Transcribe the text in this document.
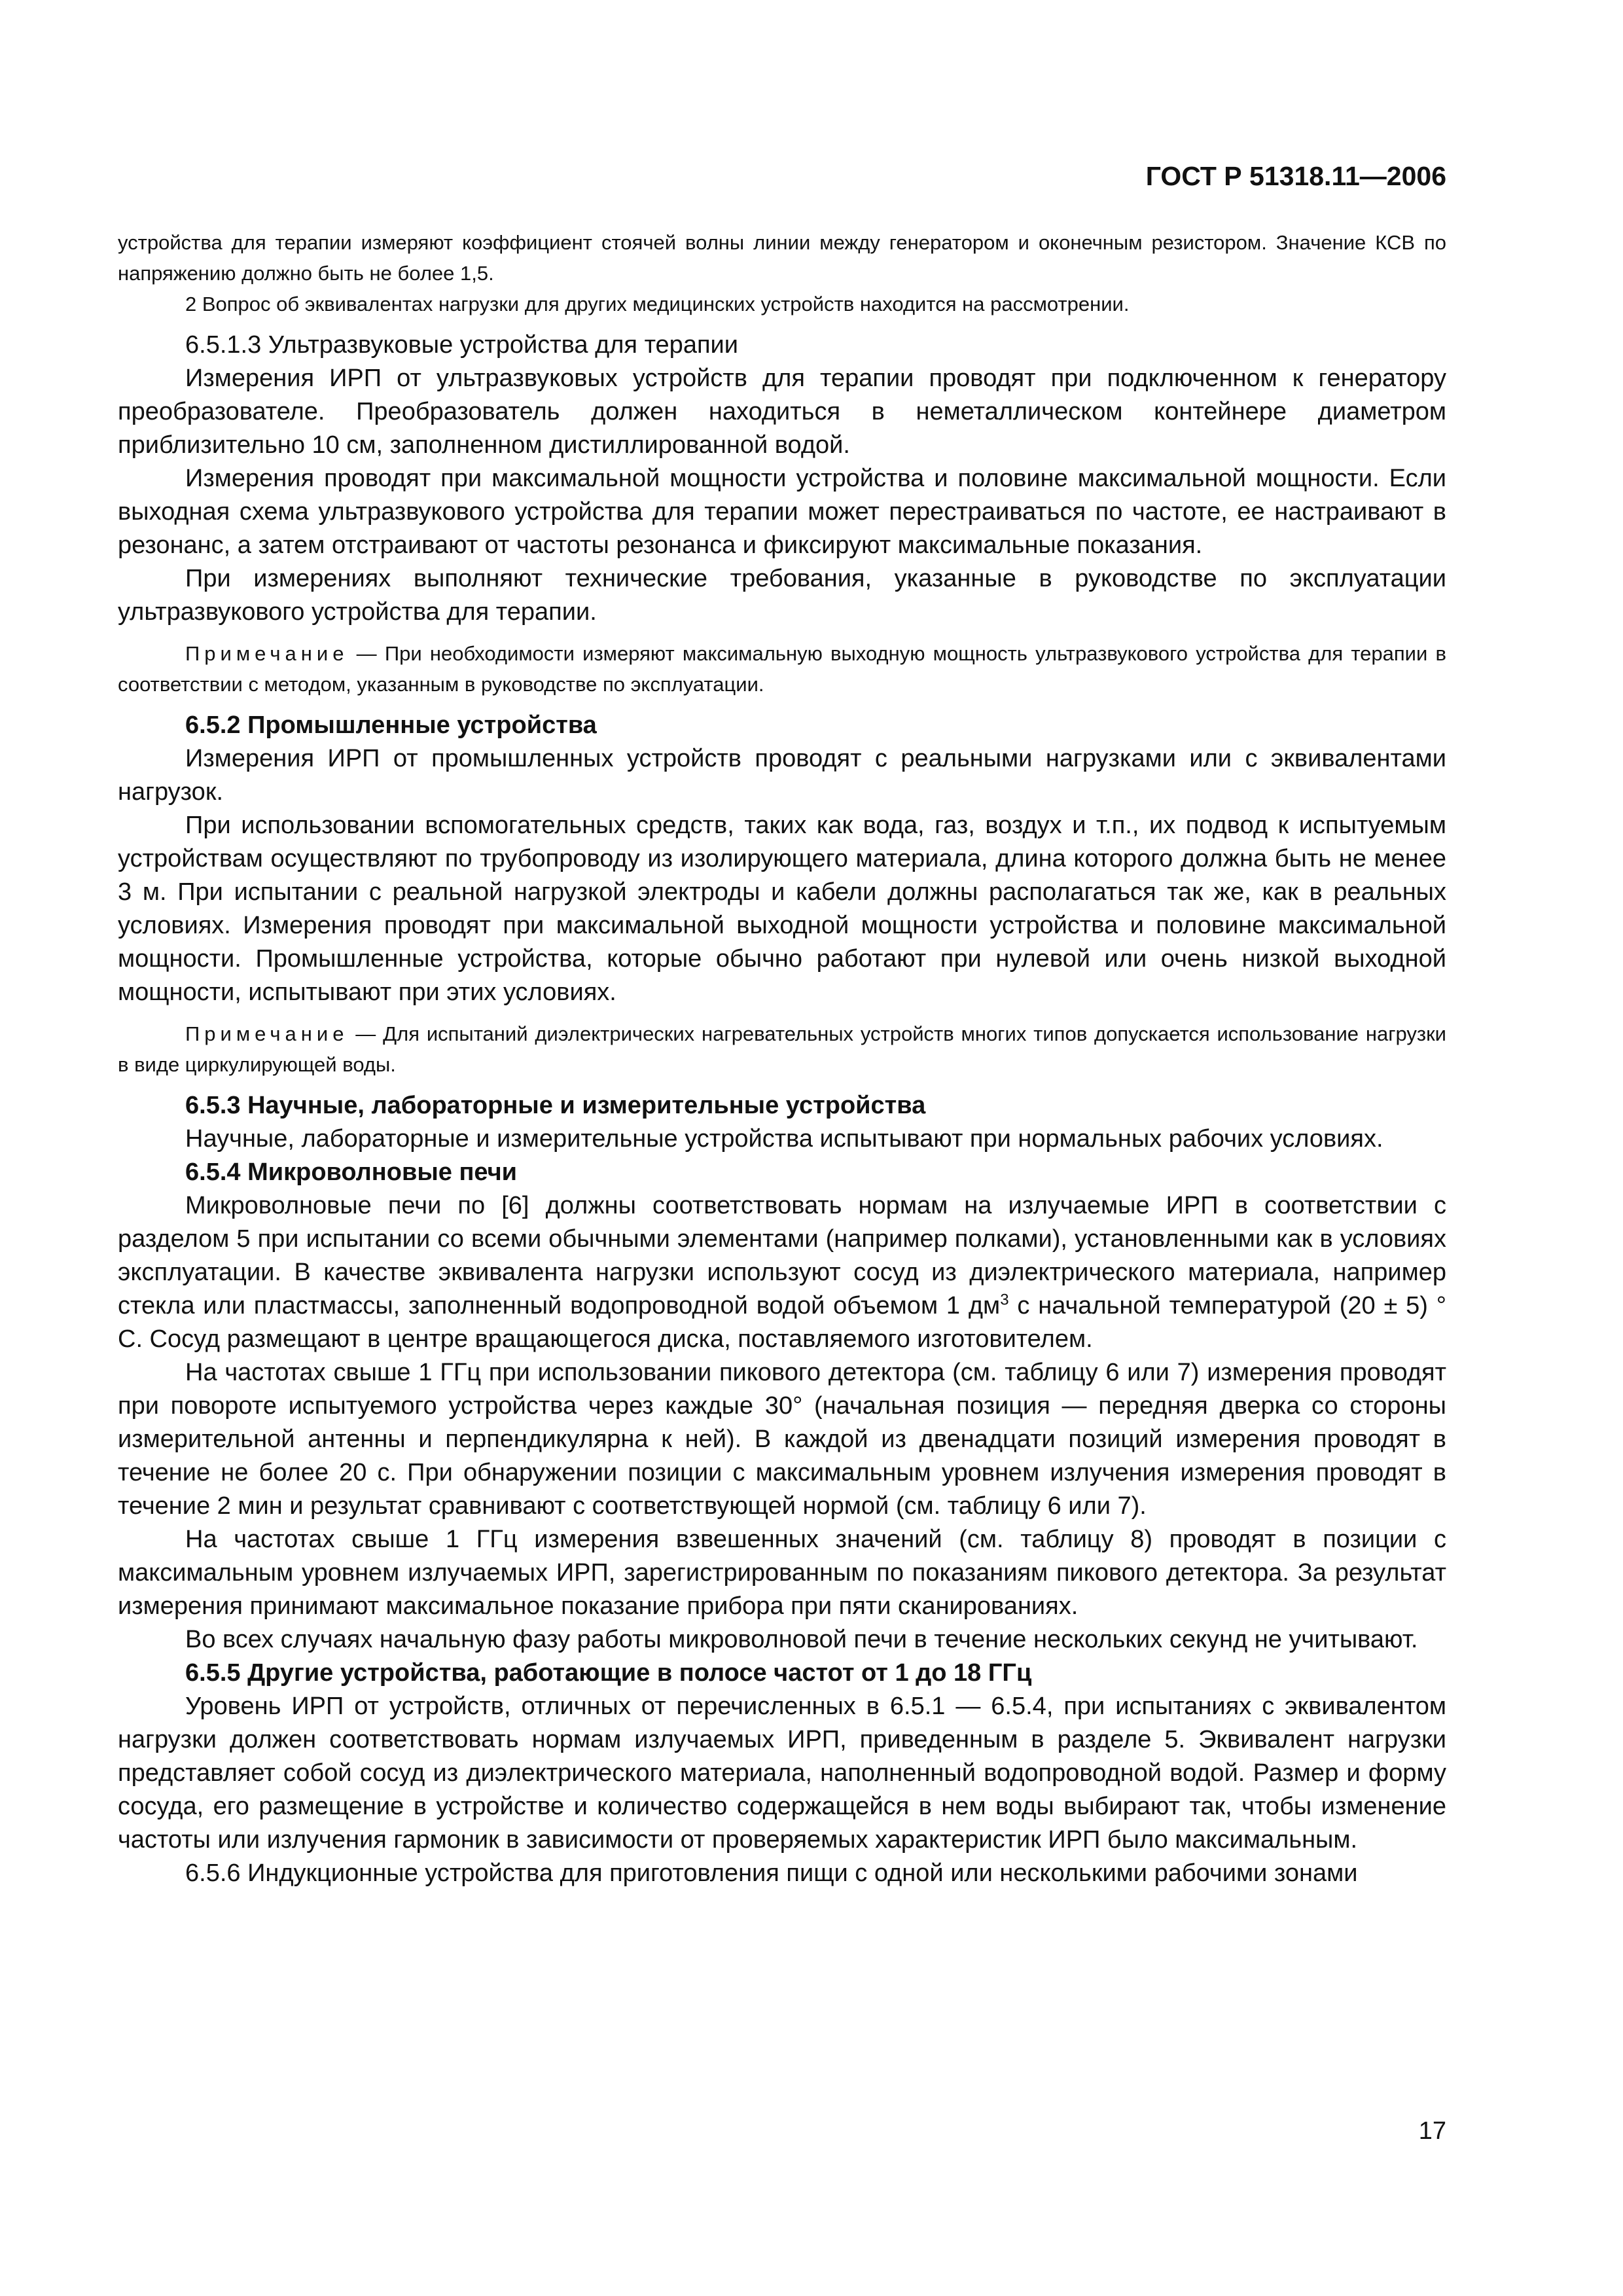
ГОСТ Р 51318.11—2006

устройства для терапии измеряют коэффициент стоячей волны линии между генератором и оконечным резистором. Значение КСВ по напряжению должно быть не более 1,5.

2 Вопрос об эквивалентах нагрузки для других медицинских устройств находится на рассмотрении.

6.5.1.3 Ультразвуковые устройства для терапии

Измерения ИРП от ультразвуковых устройств для терапии проводят при подключенном к генератору преобразователе. Преобразователь должен находиться в неметаллическом контейнере диаметром приблизительно 10 см, заполненном дистиллированной водой.

Измерения проводят при максимальной мощности устройства и половине максимальной мощности. Если выходная схема ультразвукового устройства для терапии может перестраиваться по частоте, ее настраивают в резонанс, а затем отстраивают от частоты резонанса и фиксируют максимальные показания.

При измерениях выполняют технические требования, указанные в руководстве по эксплуатации ультразвукового устройства для терапии.

Примечание — При необходимости измеряют максимальную выходную мощность ультразвукового устройства для терапии в соответствии с методом, указанным в руководстве по эксплуатации.

6.5.2 Промышленные устройства

Измерения ИРП от промышленных устройств проводят с реальными нагрузками или с эквивалентами нагрузок.

При использовании вспомогательных средств, таких как вода, газ, воздух и т.п., их подвод к испытуемым устройствам осуществляют по трубопроводу из изолирующего материала, длина которого должна быть не менее 3 м. При испытании с реальной нагрузкой электроды и кабели должны располагаться так же, как в реальных условиях. Измерения проводят при максимальной выходной мощности устройства и половине максимальной мощности. Промышленные устройства, которые обычно работают при нулевой или очень низкой выходной мощности, испытывают при этих условиях.

Примечание — Для испытаний диэлектрических нагревательных устройств многих типов допускается использование нагрузки в виде циркулирующей воды.

6.5.3 Научные, лабораторные и измерительные устройства

Научные, лабораторные и измерительные устройства испытывают при нормальных рабочих условиях.

6.5.4 Микроволновые печи

Микроволновые печи по [6] должны соответствовать нормам на излучаемые ИРП в соответствии с разделом 5 при испытании со всеми обычными элементами (например полками), установленными как в условиях эксплуатации. В качестве эквивалента нагрузки используют сосуд из диэлектрического материала, например стекла или пластмассы, заполненный водопроводной водой объемом 1 $дм^3$ с начальной температурой (20 ± 5) ° С. Сосуд размещают в центре вращающегося диска, поставляемого изготовителем.

На частотах свыше 1 ГГц при использовании пикового детектора (см. таблицу 6 или 7) измерения проводят при повороте испытуемого устройства через каждые 30° (начальная позиция — передняя дверка со стороны измерительной антенны и перпендикулярна к ней). В каждой из двенадцати позиций измерения проводят в течение не более 20 с. При обнаружении позиции с максимальным уровнем излучения измерения проводят в течение 2 мин и результат сравнивают с соответствующей нормой (см. таблицу 6 или 7).

На частотах свыше 1 ГГц измерения взвешенных значений (см. таблицу 8) проводят в позиции с максимальным уровнем излучаемых ИРП, зарегистрированным по показаниям пикового детектора. За результат измерения принимают максимальное показание прибора при пяти сканированиях.

Во всех случаях начальную фазу работы микроволновой печи в течение нескольких секунд не учитывают.

6.5.5 Другие устройства, работающие в полосе частот от 1 до 18 ГГц

Уровень ИРП от устройств, отличных от перечисленных в 6.5.1 — 6.5.4, при испытаниях с эквивалентом нагрузки должен соответствовать нормам излучаемых ИРП, приведенным в разделе 5. Эквивалент нагрузки представляет собой сосуд из диэлектрического материала, наполненный водопроводной водой. Размер и форму сосуда, его размещение в устройстве и количество содержащейся в нем воды выбирают так, чтобы изменение частоты или излучения гармоник в зависимости от проверяемых характеристик ИРП было максимальным.

6.5.6 Индукционные устройства для приготовления пищи с одной или несколькими рабочими зонами

17
